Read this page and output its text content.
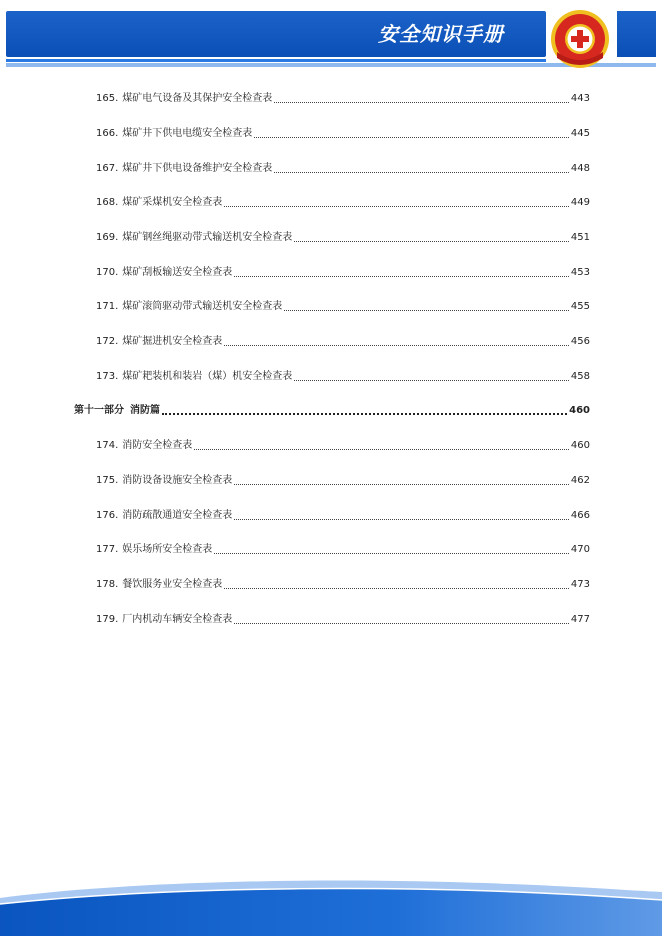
安全知识手册
165. 煤矿电气设备及其保护安全检查表	443
166. 煤矿井下供电电缆安全检查表	445
167. 煤矿井下供电设备维护安全检查表	448
168. 煤矿采煤机安全检查表	449
169. 煤矿钢丝绳驱动带式输送机安全检查表	451
170. 煤矿刮板输送安全检查表	453
171. 煤矿滚筒驱动带式输送机安全检查表	455
172. 煤矿掘进机安全检查表	456
173. 煤矿耙装机和装岩（煤）机安全检查表	458
第十一部分 消防篇	460
174. 消防安全检查表	460
175. 消防设备设施安全检查表	462
176. 消防疏散通道安全检查表	466
177. 娱乐场所安全检查表	470
178. 餐饮服务业安全检查表	473
179. 厂内机动车辆安全检查表	477
